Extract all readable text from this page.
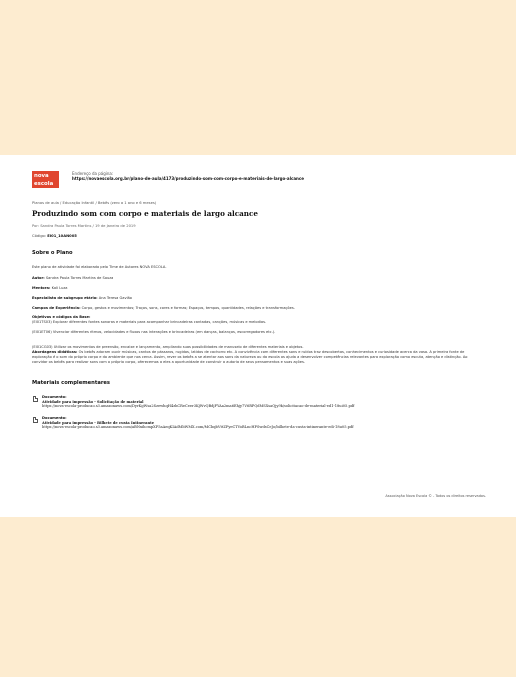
nova
escola
Endereço da página:
https://novaescola.org.br/plano-de-aula/4173/produzindo-som-com-corpo-e-materiais-de-largo-alcance
Planos de aula / Educação Infantil / Bebês (zero a 1 ano e 6 meses)
Produzindo som com corpo e materiais de largo alcance
Por: Sandra Paula Torres Martins / 19 de Janeiro de 2019
Código: EI01_10AN005
Sobre o Plano
Este plano de atividade foi elaborado pelo Time de Autores NOVA ESCOLA.
Autor: Sandra Paula Torres Martins de Souza
Mentora: Kali Luza
Especialista de subgrupo etário: Ana Teresa Gavião
Campos de Experiência: Corpo, gestos e movimentos; Traços, sons, cores e formas; Espaços, tempos, quantidades, relações e transformações.
Objetivos e códigos da Base:
(EI01TS03) Explorar diferentes fontes sonoras e materiais para acompanhar brincadeiras cantadas, canções, músicas e melodias.
(EI01ET06) Vivenciar diferentes ritmos, velocidades e fluxos nas interações e brincadeiras (em danças, balanços, escorregadores etc.).
(EI01CG03) Utilizar os movimentos de preensão, encaixe e lançamento, ampliando suas possibilidades de manuseio de diferentes materiais e objetos.
Abordagens didáticas: Os bebês adoram ouvir músicas, cantos de pássaros, rugidos, latidos de cachorro etc. A convivência com diferentes sons e ruídos traz descobertas, conhecimentos e curiosidade acerca da vasa. A primeira fonte de exploração é o som do próprio corpo e do ambiente que nos cerca. Assim, rever os bebês a se atentar aos sons da natureza ou da escola os ajuda a desenvolver competências relevantes para exploração como escuta, atenção e distinção. Ao convidar os bebês para realizar sons com o próprio corpo, oferecemos a eles a oportunidade de construir a autoria de seus pensamentos e suas ações.
Materiais complementares
Documento:
Atividade para impressão - Solicitação de material
https://nova-escola-producao.s3.amazonaws.com/DyrKgWsa2SzewhqH4zhCReCeer3KjWvQBdjFYAa2ma6Ehjy7V6RPQdMSXsaQjy9k/solicitacao-de-material-ed1-18ui05.pdf
Documento:
Atividade para impressão - Bilhete de custa Intinerante
https://nova-escola-producao.s3.amazonaws.com/aBNxihcmpXF5aAeqKIAdMbWMX.com/MCbqbVttZFyeCTVoBLncHPSwdsCeJo/bilhete-da-custa-intinerante-edi-18u05.pdf
Associação Nova Escola © - Todos os direitos reservados.
